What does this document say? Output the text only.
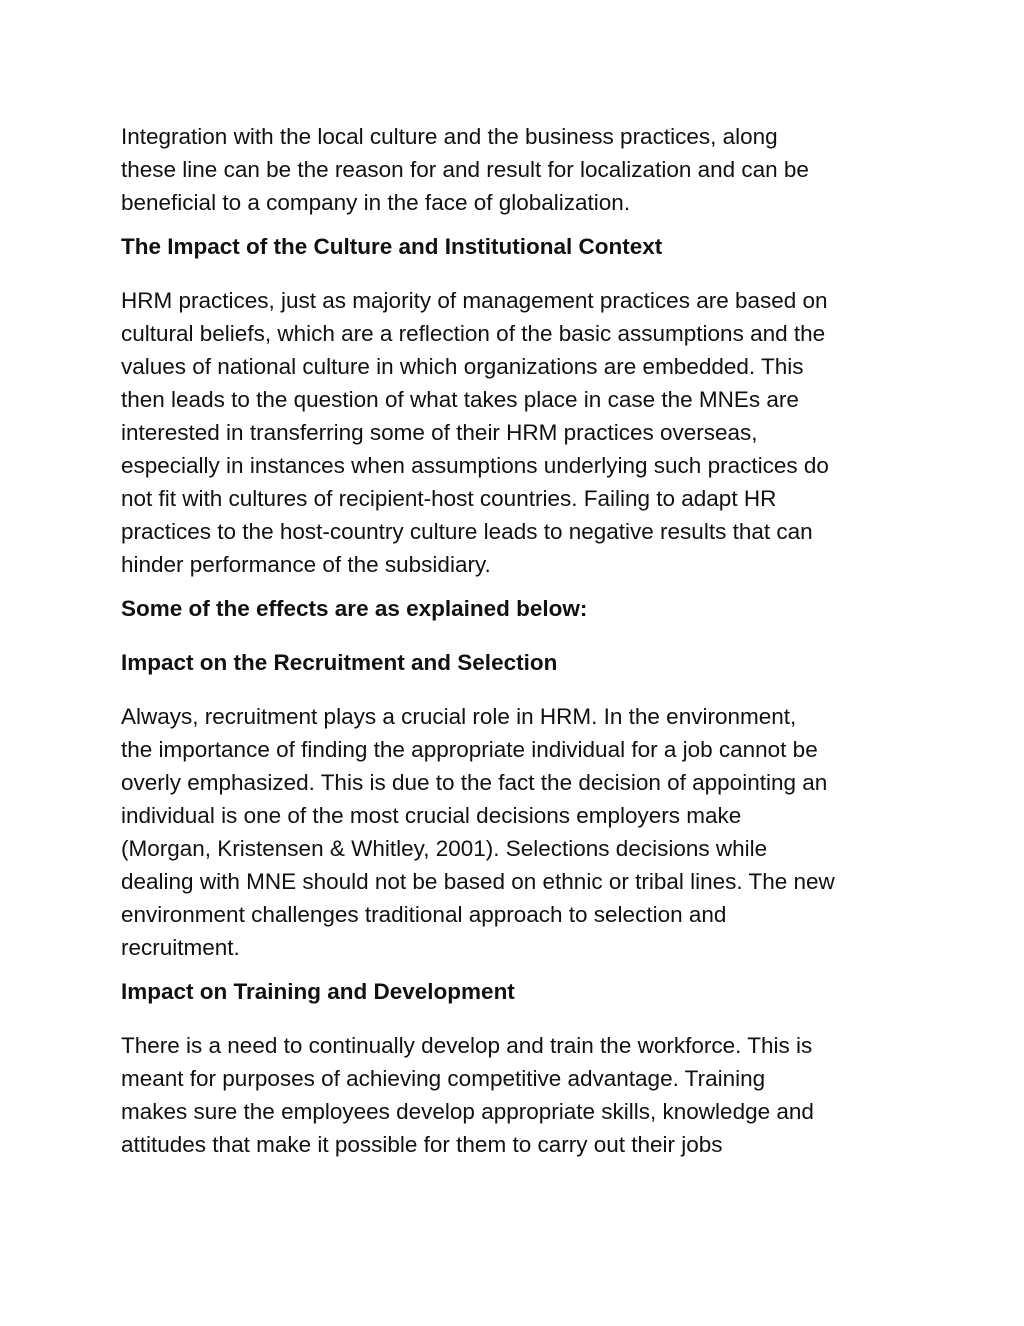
Integration with the local culture and the business practices, along
these line can be the reason for and result for localization and can be
beneficial to a company in the face of globalization.

The Impact of the Culture and Institutional Context

HRM practices, just as majority of management practices are based on
cultural beliefs, which are a reflection of the basic assumptions and the
values of national culture in which organizations are embedded. This
then leads to the question of what takes place in case the MNEs are
interested in transferring some of their HRM practices overseas,
especially in instances when assumptions underlying such practices do
not fit with cultures of recipient-host countries. Failing to adapt HR
practices to the host-country culture leads to negative results that can
hinder performance of the subsidiary.

Some of the effects are as explained below:

Impact on the Recruitment and Selection

Always, recruitment plays a crucial role in HRM. In the environment,
the importance of finding the appropriate individual for a job cannot be
overly emphasized. This is due to the fact the decision of appointing an
individual is one of the most crucial decisions employers make
(Morgan, Kristensen & Whitley, 2001). Selections decisions while
dealing with MNE should not be based on ethnic or tribal lines. The new
environment challenges traditional approach to selection and
recruitment.

Impact on Training and Development

There is a need to continually develop and train the workforce. This is
meant for purposes of achieving competitive advantage. Training
makes sure the employees develop appropriate skills, knowledge and
attitudes that make it possible for them to carry out their jobs
